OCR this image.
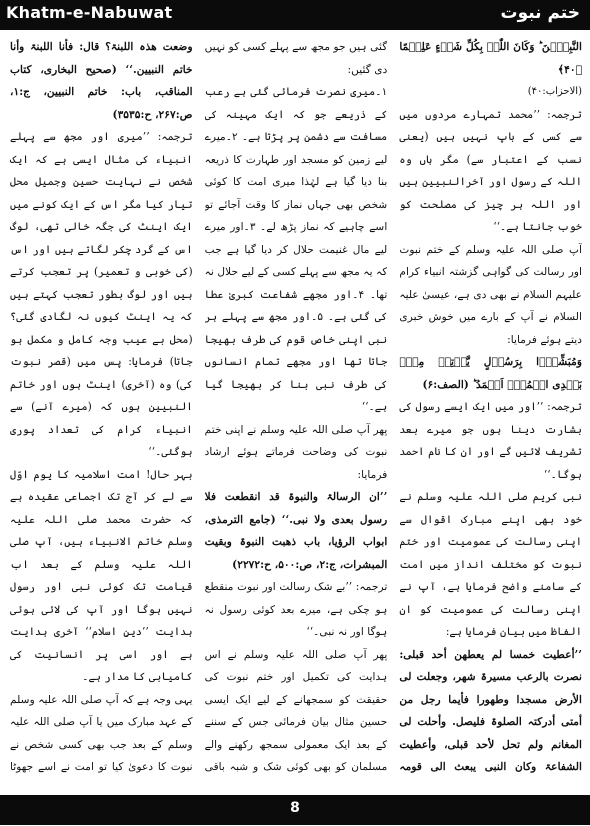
Khatm-e-Nabuwat	ختم نبوت

النَّبِيّٖنَ ؕ وَکَانَ اللّٰہُ بِکُلِّ شَیۡءٍ عَلِیۡمًا ﴿۴۰﴾

(الاحزاب:۴۰)

ترجمہ: ’’محمد تمہارے مردوں میں سے کسی کے باپ نہیں ہیں (یعنی نسب کے اعتبار سے) مگر ہاں وہ اللہ کے رسول اور آخرالنبیین ہیں اور اللہ ہر چیز کی مصلحت کو خوب جانتا ہے۔‘‘

آپ صلی اللہ علیہ وسلم کے ختم نبوت اور رسالت کی گواہی گزشتہ انبیاء کرام علیہم السلام نے بھی دی ہے، عیسیٰ علیہ السلام نے آپ کے بارے میں خوش خبری دیتے ہوئے فرمایا:

وَمُبَشِّرًۢا بِرَسُوۡلٍ یَّاۡتِیۡ مِنۡۢ بَعۡدِی اسۡمُہٗۤ اَحۡمَدُ ؕ (الصف:۶)

ترجمہ: ’’اور میں ایک ایسے رسول کی بشارت دینا ہوں جو میرے بعد تشریف لائیں گے اور ان کا نام احمد ہوگا۔‘‘

نبی کریم صلی اللہ علیہ وسلم نے خود بھی اپنے مبارک اقوال سے اپنی رسالت کی عمومیت اور ختم نبوت کو مختلف انداز میں امت کے سامنے واضح فرمایا ہے، آپ نے اپنی رسالت کی عمومیت کو ان الفاظ میں بیان فرمایا ہے:

’’أعطیت خمسا لم یعطھن أحد قبلی: نصرت بالرعب مسیرۃ شھر، وجعلت لی الأرض مسجدا وطھورا فأیما رجل من أمتی أدرکتہ الصلوۃ فلیصل. وأحلت لی المغانم ولم تحل لأحد قبلی، وأعطیت الشفاعۃ وکان النبی یبعث الی قومہ

گئی ہیں جو مجھ سے پہلے کسی کو نہیں دی گئیں:

۱۔میری نصرت فرمائی گئی ہے رعب کے ذریعے جو کہ ایک مہینہ کی مسافت سے دشمن پر پڑتا ہے۔ ۲۔میرے لیے زمین کو مسجد اور طہارت کا ذریعہ بنا دیا گیا ہے لہٰذا میری امت کا کوئی شخص بھی جہاں نماز کا وقت آجائے تو اسے چاہیے کہ نماز پڑھ لے۔ ۳۔اور میرے لیے مال غنیمت حلال کر دیا گیا ہے جب کہ یہ مجھ سے پہلے کسی کے لیے حلال نہ تھا۔ ۴۔اور مجھے شفاعت کبریٰ عطا کی گئی ہے۔ ۵۔اور مجھ سے پہلے ہر نبی اپنی خاص قوم کی طرف بھیجا جاتا تھا اور مجھے تمام انسانوں کی طرف نبی بنا کر بھیجا گیا ہے۔‘‘

پھر آپ صلی اللہ علیہ وسلم نے اپنی ختم نبوت کی وضاحت فرماتے ہوئے ارشاد فرمایا:

’’ان الرسالۃ والنبوۃ قد انقطعت فلا رسول بعدی ولا نبی.‘‘ (جامع الترمذی، ابواب الرؤیا، باب ذھبت النبوۃ وبقیت المبشرات، ج:۲، ص:۵۰۰، ح:۲۲۷۲)

ترجمہ: ’’بے شک رسالت اور نبوت منقطع ہو چکی ہے، میرے بعد کوئی رسول نہ ہوگا اور نہ نبی۔‘‘

پھر آپ صلی اللہ علیہ وسلم نے اس ہدایت کی تکمیل اور ختم نبوت کی حقیقت کو سمجھانے کے لیے ایک ایسی حسین مثال بیان فرمائی جس کے سننے کے بعد ایک معمولی سمجھ رکھنے والے مسلمان کو بھی کوئی شک و شبہ باقی

وضعت ھذہ اللبنۃ؟ قال: فأنا اللبنۃ وأنا خاتم النبیین.‘‘ (صحیح البخاری، کتاب المناقب، باب: خاتم النبیین، ج:۱، ص:۲۶۷، ح:۳۵۳۵)

ترجمہ: ’’میری اور مجھ سے پہلے انبیاء کی مثال ایسی ہے کہ ایک شخص نے نہایت حسین وجمیل محل تیار کیا مگر اس کے ایک کونے میں ایک اینٹ کی جگہ خالی تھی، لوگ اس کے گرد چکر لگاتے ہیں اور اس (کی خوبی و تعمیر) پر تعجب کرتے ہیں اور لوگ بطور تعجب کہتے ہیں کہ یہ اینٹ کیوں نہ لگادی گئی؟ (محل بے عیب وجہ کامل و مکمل ہو جاتا) فرمایا: پس میں (قصر نبوت کی) وہ (آخری) اینٹ ہوں اور خاتم النبیین ہوں کہ (میرے آنے) سے انبیاء کرام کی تعداد پوری ہوگئی۔‘‘

بہر حال! امت اسلامیہ کا یوم اوّل سے لے کر آج تک اجماعی عقیدہ ہے کہ حضرت محمد صلی اللہ علیہ وسلم خاتم الانبیاء ہیں، آپ صلی اللہ علیہ وسلم کے بعد اب قیامت تک کوئی نبی اور رسول نہیں ہوگا اور آپ کی لائی ہوئی ہدایت ’’دینِ اسلام‘‘ آخری ہدایت ہے اور اسی پر انسانیت کی کامیابی کا مدار ہے۔

یہی وجہ ہے کہ آپ صلی اللہ علیہ وسلم کے عہد مبارک میں یا آپ صلی اللہ علیہ وسلم کے بعد جب بھی کسی شخص نے نبوت کا دعویٰ کیا تو امت نے اسے جھوٹا

8
